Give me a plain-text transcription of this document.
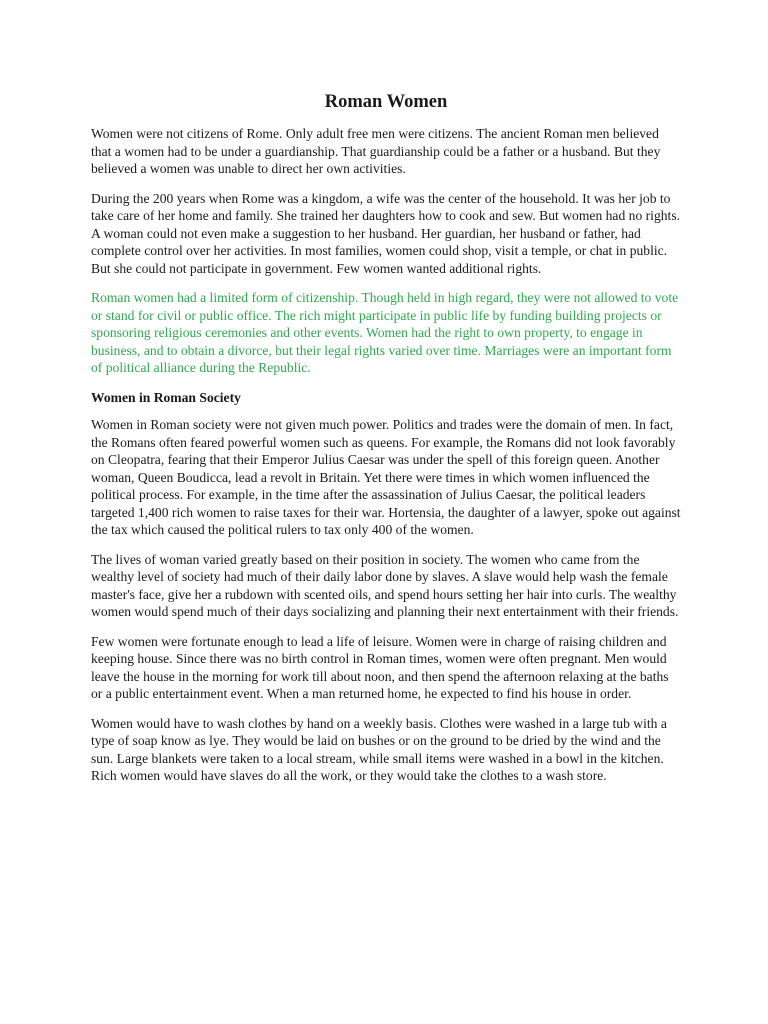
Roman Women

Women were not citizens of Rome. Only adult free men were citizens. The ancient Roman men believed that a women had to be under a guardianship. That guardianship could be a father or a husband. But they believed a women was unable to direct her own activities.

During the 200 years when Rome was a kingdom, a wife was the center of the household. It was her job to take care of her home and family. She trained her daughters how to cook and sew. But women had no rights. A woman could not even make a suggestion to her husband. Her guardian, her husband or father, had complete control over her activities. In most families, women could shop, visit a temple, or chat in public. But she could not participate in government. Few women wanted additional rights.

Roman women had a limited form of citizenship. Though held in high regard, they were not allowed to vote or stand for civil or public office. The rich might participate in public life by funding building projects or sponsoring religious ceremonies and other events. Women had the right to own property, to engage in business, and to obtain a divorce, but their legal rights varied over time. Marriages were an important form of political alliance during the Republic.

Women in Roman Society

Women in Roman society were not given much power. Politics and trades were the domain of men. In fact, the Romans often feared powerful women such as queens. For example, the Romans did not look favorably on Cleopatra, fearing that their Emperor Julius Caesar was under the spell of this foreign queen. Another woman, Queen Boudicca, lead a revolt in Britain. Yet there were times in which women influenced the political process. For example, in the time after the assassination of Julius Caesar, the political leaders targeted 1,400 rich women to raise taxes for their war. Hortensia, the daughter of a lawyer, spoke out against the tax which caused the political rulers to tax only 400 of the women.

The lives of woman varied greatly based on their position in society. The women who came from the wealthy level of society had much of their daily labor done by slaves. A slave would help wash the female master's face, give her a rubdown with scented oils, and spend hours setting her hair into curls. The wealthy women would spend much of their days socializing and planning their next entertainment with their friends.

Few women were fortunate enough to lead a life of leisure. Women were in charge of raising children and keeping house. Since there was no birth control in Roman times, women were often pregnant. Men would leave the house in the morning for work till about noon, and then spend the afternoon relaxing at the baths or a public entertainment event. When a man returned home, he expected to find his house in order.

Women would have to wash clothes by hand on a weekly basis. Clothes were washed in a large tub with a type of soap know as lye. They would be laid on bushes or on the ground to be dried by the wind and the sun. Large blankets were taken to a local stream, while small items were washed in a bowl in the kitchen. Rich women would have slaves do all the work, or they would take the clothes to a wash store.
